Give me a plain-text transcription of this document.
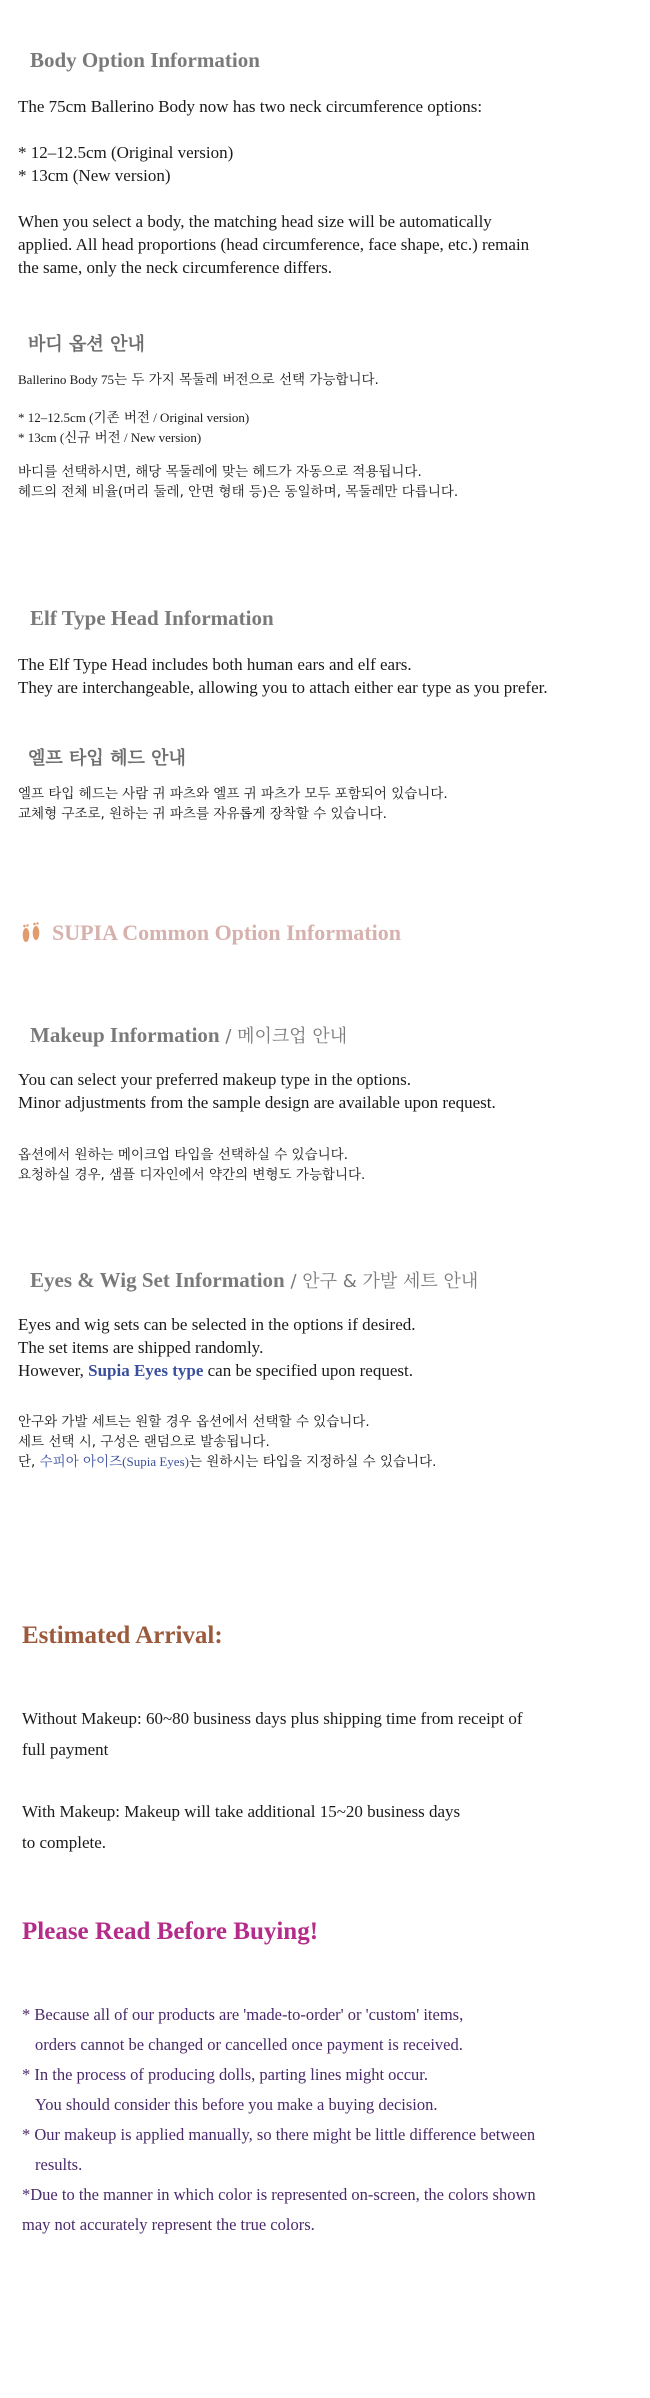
Body Option Information

The 75cm Ballerino Body now has two neck circumference options:

* 12–12.5cm (Original version)

* 13cm (New version)

When you select a body, the matching head size will be automatically

applied. All head proportions (head circumference, face shape, etc.) remain

the same, only the neck circumference differs.

바디 옵션 안내

Ballerino Body 75는 두 가지 목둘레 버전으로 선택 가능합니다.

* 12–12.5cm (기존 버전 / Original version)

* 13cm (신규 버전 / New version)

바디를 선택하시면, 해당 목둘레에 맞는 헤드가 자동으로 적용됩니다.

헤드의 전체 비율(머리 둘레, 안면 형태 등)은 동일하며, 목둘레만 다릅니다.

Elf Type Head Information

The Elf Type Head includes both human ears and elf ears.

They are interchangeable, allowing you to attach either ear type as you prefer.

엘프 타입 헤드 안내

엘프 타입 헤드는 사람 귀 파츠와 엘프 귀 파츠가 모두 포함되어 있습니다.

교체형 구조로, 원하는 귀 파츠를 자유롭게 장착할 수 있습니다.

SUPIA Common Option Information
Makeup Information / 메이크업 안내

You can select your preferred makeup type in the options.

Minor adjustments from the sample design are available upon request.

옵션에서 원하는 메이크업 타입을 선택하실 수 있습니다.

요청하실 경우, 샘플 디자인에서 약간의 변형도 가능합니다.

Eyes & Wig Set Information / 안구 & 가발 세트 안내

Eyes and wig sets can be selected in the options if desired.

The set items are shipped randomly.

However, Supia Eyes type can be specified upon request.

안구와 가발 세트는 원할 경우 옵션에서 선택할 수 있습니다.

세트 선택 시, 구성은 랜덤으로 발송됩니다.

단, 수피아 아이즈(Supia Eyes)는 원하시는 타입을 지정하실 수 있습니다.

Estimated Arrival:

Without Makeup: 60~80 business days plus shipping time from receipt of

full payment

With Makeup: Makeup will take additional 15~20 business days

to complete.

Please Read Before Buying!
* Because all of our products are 'made-to-order' or 'custom' items,
orders cannot be changed or cancelled once payment is received.
* In the process of producing dolls, parting lines might occur.
You should consider this before you make a buying decision.
* Our makeup is applied manually, so there might be little difference between
results.
*Due to the manner in which color is represented on-screen, the colors shown
may not accurately represent the true colors.
